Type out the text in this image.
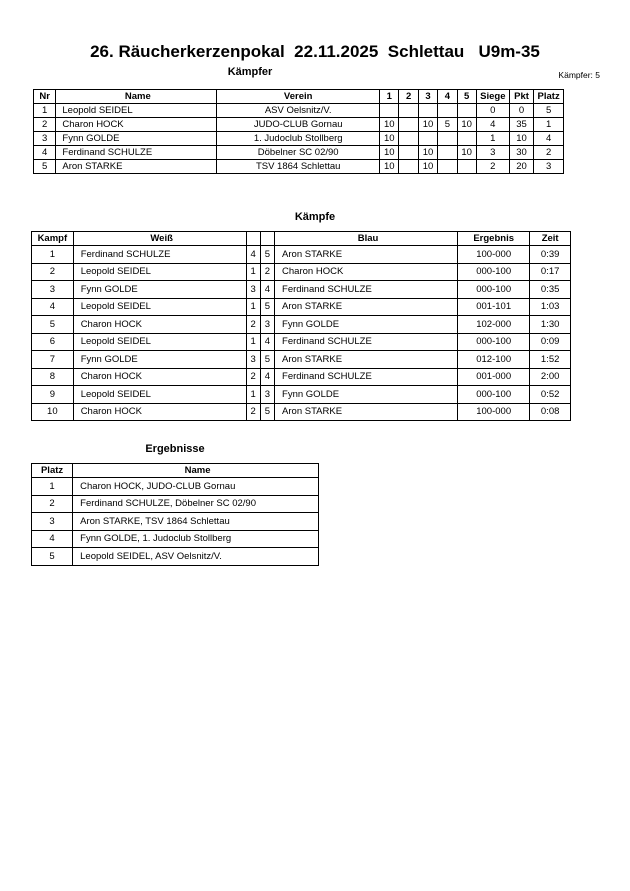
26. Räucherkerzenpokal  22.11.2025  Schlettau   U9m-35
Kämpfer	Kämpfer: 5
Nr	Name	Verein	1	2	3	4	5	Siege	Pkt	Platz
1	Leopold SEIDEL	ASV Oelsnitz/V.						0	0	5
2	Charon HOCK	JUDO-CLUB Gornau	10		10	5	10	4	35	1
3	Fynn GOLDE	1. Judoclub Stollberg	10					1	10	4
4	Ferdinand SCHULZE	Döbelner SC 02/90	10		10		10	3	30	2
5	Aron STARKE	TSV 1864 Schlettau	10		10			2	20	3
Kämpfe
Kampf	Weiß			Blau	Ergebnis	Zeit
1	Ferdinand SCHULZE	4	5	Aron STARKE	100-000	0:39
2	Leopold SEIDEL	1	2	Charon HOCK	000-100	0:17
3	Fynn GOLDE	3	4	Ferdinand SCHULZE	000-100	0:35
4	Leopold SEIDEL	1	5	Aron STARKE	001-101	1:03
5	Charon HOCK	2	3	Fynn GOLDE	102-000	1:30
6	Leopold SEIDEL	1	4	Ferdinand SCHULZE	000-100	0:09
7	Fynn GOLDE	3	5	Aron STARKE	012-100	1:52
8	Charon HOCK	2	4	Ferdinand SCHULZE	001-000	2:00
9	Leopold SEIDEL	1	3	Fynn GOLDE	000-100	0:52
10	Charon HOCK	2	5	Aron STARKE	100-000	0:08
Ergebnisse
Platz	Name
1	Charon HOCK, JUDO-CLUB Gornau
2	Ferdinand SCHULZE, Döbelner SC 02/90
3	Aron STARKE, TSV 1864 Schlettau
4	Fynn GOLDE, 1. Judoclub Stollberg
5	Leopold SEIDEL, ASV Oelsnitz/V.
